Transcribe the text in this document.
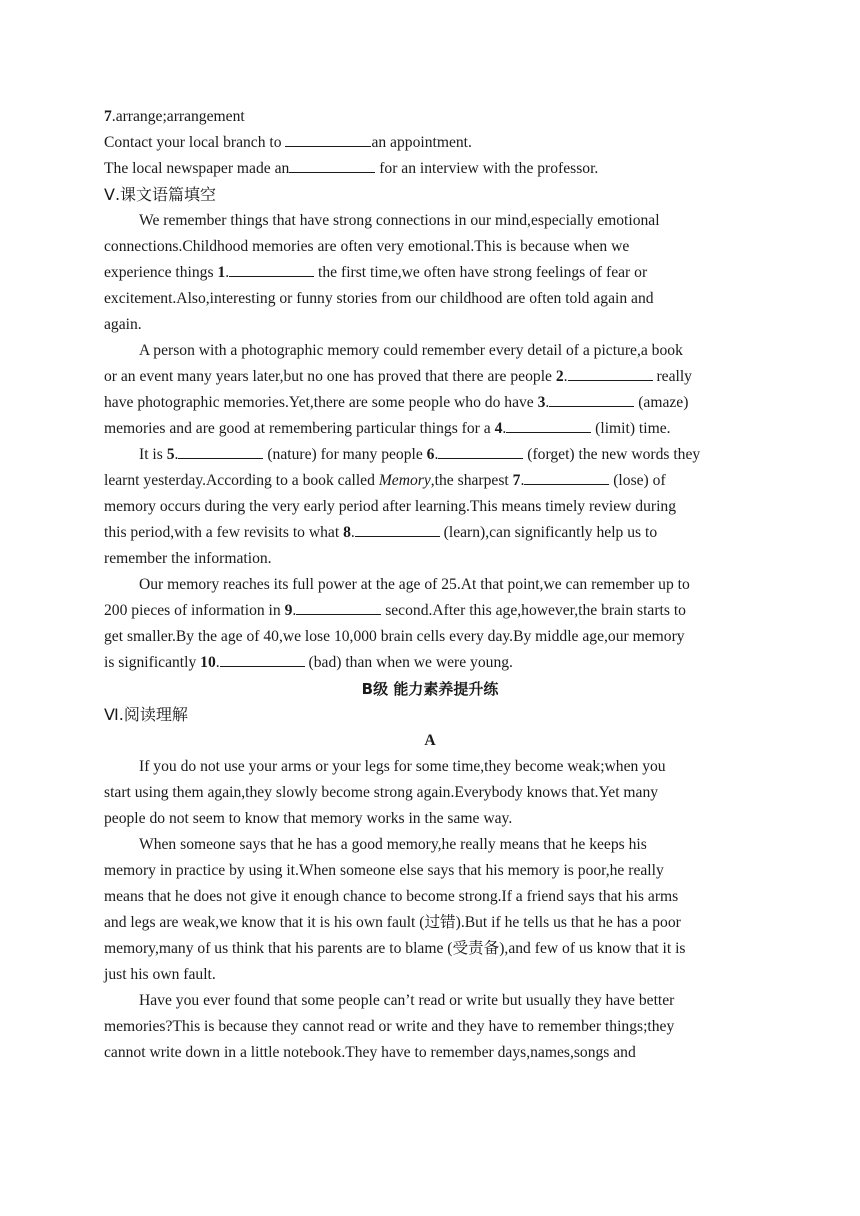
7.arrange;arrangement
Contact your local branch to	an appointment.
The local newspaper made an	for an interview with the professor.
Ⅴ.课文语篇填空
We remember things that have strong connections in our mind,especially emotional
connections.Childhood memories are often very emotional.This is because when we
experience things 1.	the first time,we often have strong feelings of fear or
excitement.Also,interesting or funny stories from our childhood are often told again and
again.
A person with a photographic memory could remember every detail of a picture,a book
or an event many years later,but no one has proved that there are people 2.	really
have photographic memories.Yet,there are some people who do have 3.	(amaze)
memories and are good at remembering particular things for a 4.	(limit) time.
It is 5.	(nature) for many people 6.	(forget) the new words they
learnt yesterday.According to a book called Memory,the sharpest 7.	(lose) of
memory occurs during the very early period after learning.This means timely review during
this period,with a few revisits to what 8.	(learn),can significantly help us to
remember the information.
Our memory reaches its full power at the age of 25.At that point,we can remember up to
200 pieces of information in 9.	second.After this age,however,the brain starts to
get smaller.By the age of 40,we lose 10,000 brain cells every day.By middle age,our memory
is significantly 10.	(bad) than when we were young.
B级 能力素养提升练
Ⅵ.阅读理解
A
If you do not use your arms or your legs for some time,they become weak;when you
start using them again,they slowly become strong again.Everybody knows that.Yet many
people do not seem to know that memory works in the same way.
When someone says that he has a good memory,he really means that he keeps his
memory in practice by using it.When someone else says that his memory is poor,he really
means that he does not give it enough chance to become strong.If a friend says that his arms
and legs are weak,we know that it is his own fault (过错).But if he tells us that he has a poor
memory,many of us think that his parents are to blame (受责备),and few of us know that it is
just his own fault.
Have you ever found that some people can’t read or write but usually they have better
memories?This is because they cannot read or write and they have to remember things;they
cannot write down in a little notebook.They have to remember days,names,songs and
